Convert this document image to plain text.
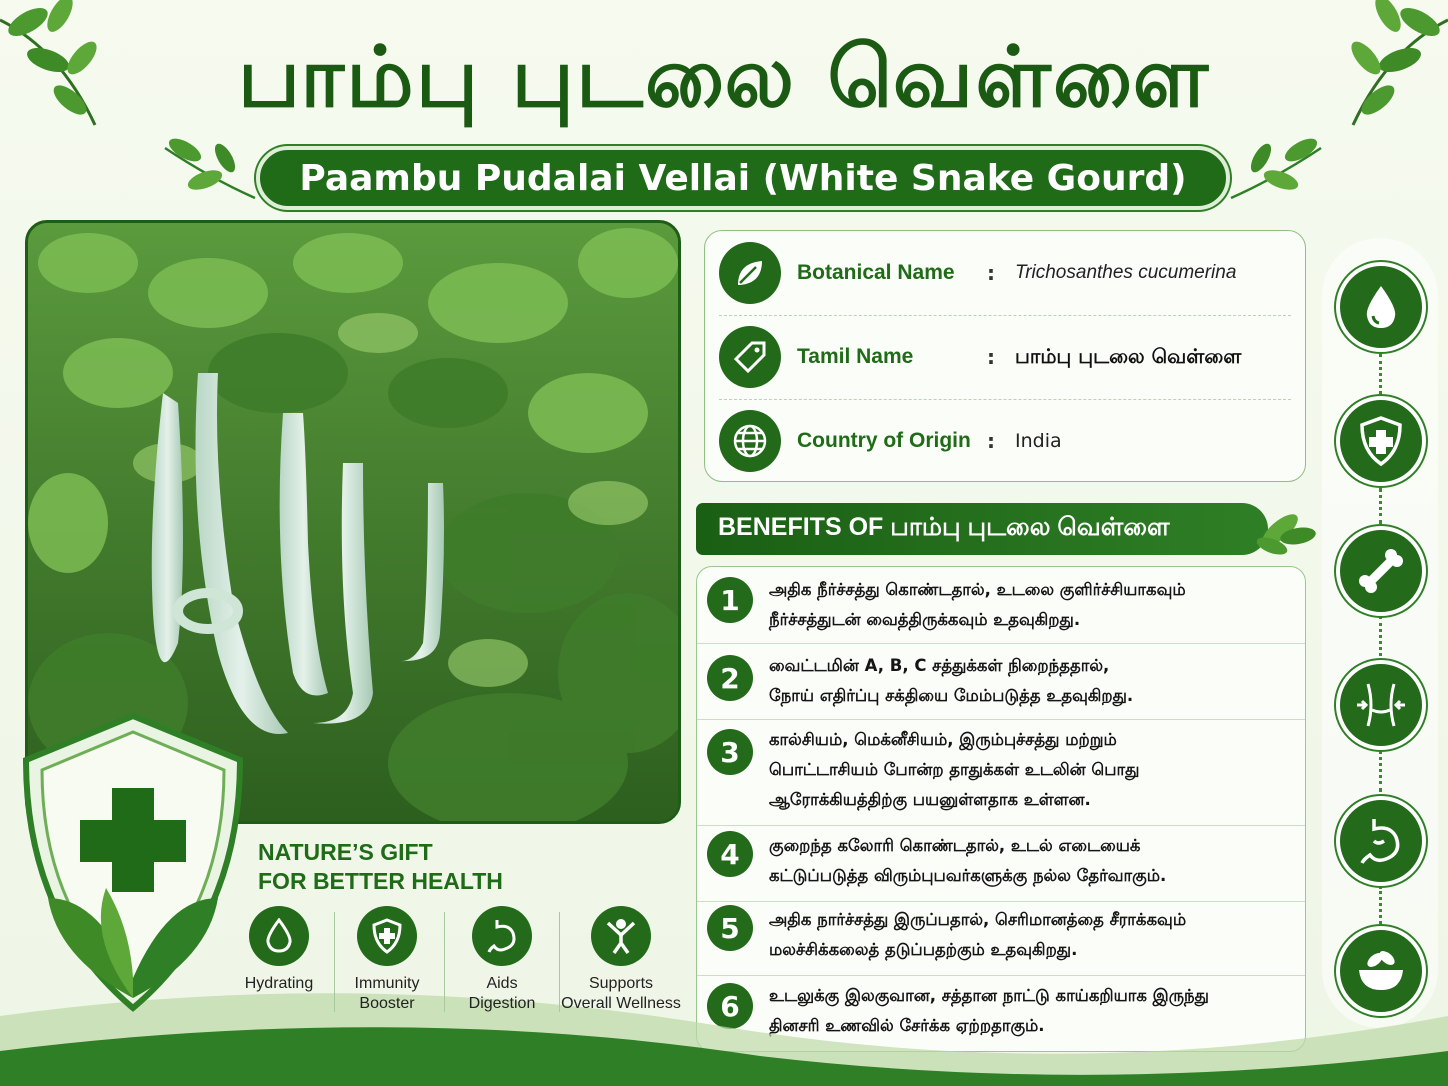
பாம்பு புடலை வெள்ளை
Paambu Pudalai Vellai (White Snake Gourd)
Botanical Name : Trichosanthes cucumerina
Tamil Name	: பாம்பு புடலை வெள்ளை
Country of Origin : India
BENEFITS OF பாம்பு புடலை வெள்ளை
1	அதிக நீர்ச்சத்து கொண்டதால், உடலை குளிர்ச்சியாகவும்
நீர்ச்சத்துடன் வைத்திருக்கவும் உதவுகிறது.
2	வைட்டமின் A, B, C சத்துக்கள் நிறைந்ததால்,
நோய் எதிர்ப்பு சக்தியை மேம்படுத்த உதவுகிறது.
3	கால்சியம், மெக்னீசியம், இரும்புச்சத்து மற்றும்
பொட்டாசியம் போன்ற தாதுக்கள் உடலின் பொது
ஆரோக்கியத்திற்கு பயனுள்ளதாக உள்ளன.
4	குறைந்த கலோரி கொண்டதால், உடல் எடையைக்
கட்டுப்படுத்த விரும்புபவர்களுக்கு நல்ல தேர்வாகும்.
5	அதிக நார்ச்சத்து இருப்பதால், செரிமானத்தை சீராக்கவும்
மலச்சிக்கலைத் தடுப்பதற்கும் உதவுகிறது.
6	உடலுக்கு இலகுவான, சத்தான நாட்டு காய்கறியாக இருந்து
தினசரி உணவில் சேர்க்க ஏற்றதாகும்.
NATURE’S GIFT
FOR BETTER HEALTH
Hydrating	Immunity
Booster
Aids
Digestion
Supports
Overall Wellness
